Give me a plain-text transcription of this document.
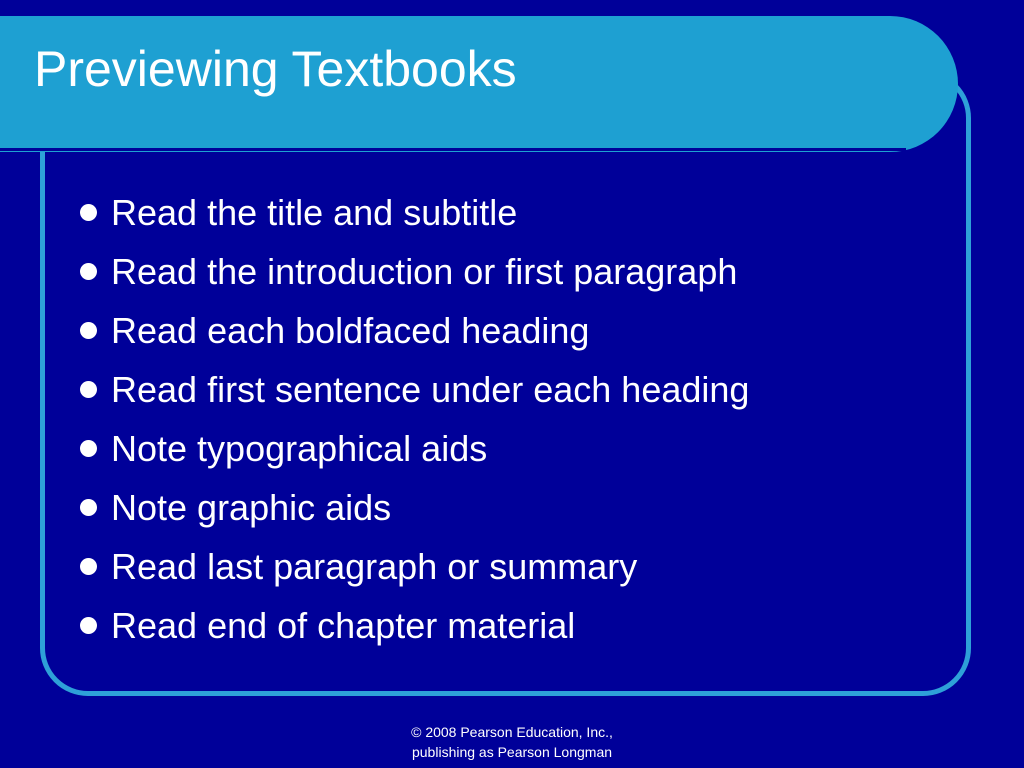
Previewing Textbooks
Read the title and subtitle
Read the introduction or first paragraph
Read each boldfaced heading
Read first sentence under each heading
Note typographical aids
Note graphic aids
Read last paragraph or summary
Read end of chapter material
© 2008 Pearson Education, Inc.,
publishing as Pearson Longman
